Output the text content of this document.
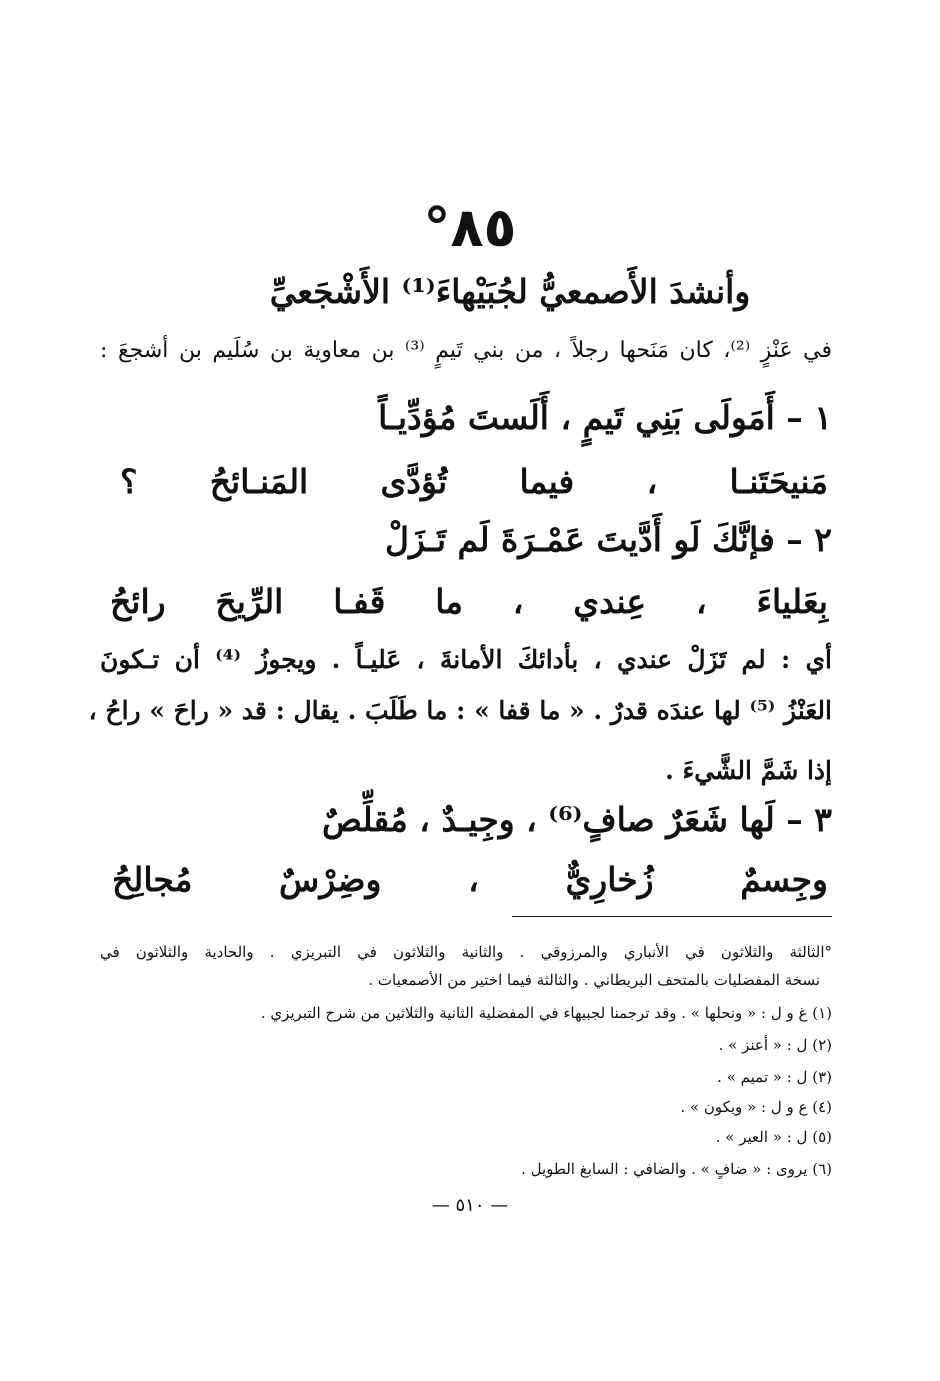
٨٥°
وأنشدَ الأَصمعيُّ لجُبَيْهاءَ⁽¹⁾ الأَشْجَعيِّ
في عَنْزٍ ⁽²⁾، كان مَنَحها رجلاً ، من بني تَيمٍ ⁽³⁾ بن معاوية بن سُلَيم بن أشجعَ :
١ – أَمَولَى بَنِي تَيمٍ ، أَلَستَ مُؤدِّيـاً
مَنيحَتَنـا ، فيما تُؤدَّى المَنـائحُ ؟
٢ – فإنَّكَ لَو أَدَّيتَ عَمْـرَةَ لَم تَـزَلْ
بِعَلياءَ ، عِندي ، ما قَفـا الرِّيحَ رائحُ
أي : لم تَزَلْ عندي ، بأدائكَ الأمانةَ ، عَليـاً . ويجوزُ ⁽⁴⁾ أن تـكونَ
العَنْزُ ⁽⁵⁾ لها عندَه قدرٌ . « ما قفا » : ما طَلَبَ . يقال : قد « راحَ » راحُ ،
إذا شَمَّ الشَّيءَ .
٣ – لَها شَعَرٌ صافٍ⁽⁶⁾ ، وجِيـدٌ ، مُقلِّصٌ
وجِسمٌ زُخارِيٌّ ، وضِرْسٌ مُجالِحُ
°الثالثة والثلاثون في الأنباري والمرزوقي . والثانية والثلاثون في التبريزي . والحادية والثلاثون في
نسخة المفضليات بالمتحف البريطاني . والثالثة فيما اختير من الأصمعيات .
(١) غ و ل : « ونحلها » . وقد ترجمنا لجبيهاء في المفضلية الثانية والثلاثين من شرح التبريزي .
(٢) ل : « أعنز » .
(٣) ل : « تميم » .
(٤) ع و ل : « ويكون » .
(٥) ل : « العير » .
(٦) يروى : « ضافٍ » . والضافي : السابغ الطويل .
— ٥١٠ —
